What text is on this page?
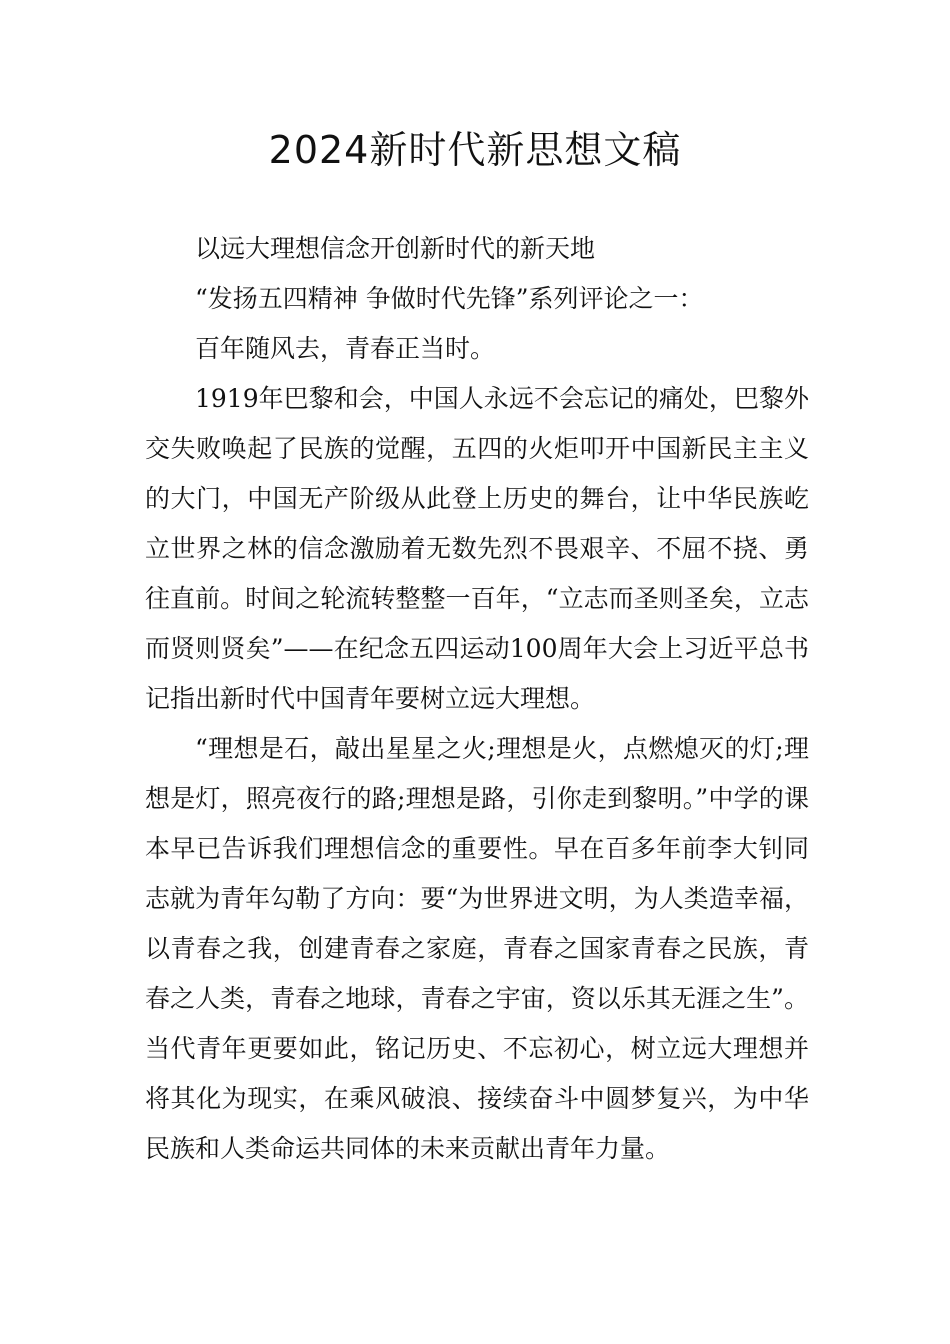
2024新时代新思想文稿

以远大理想信念开创新时代的新天地

“发扬五四精神 争做时代先锋”系列评论之一：

百年随风去，青春正当时。

1919年巴黎和会，中国人永远不会忘记的痛处，巴黎外交失败唤起了民族的觉醒，五四的火炬叩开中国新民主主义的大门，中国无产阶级从此登上历史的舞台，让中华民族屹立世界之林的信念激励着无数先烈不畏艰辛、不屈不挠、勇往直前。时间之轮流转整整一百年，“立志而圣则圣矣，立志而贤则贤矣”——在纪念五四运动100周年大会上习近平总书记指出新时代中国青年要树立远大理想。

“理想是石，敲出星星之火;理想是火，点燃熄灭的灯;理想是灯，照亮夜行的路;理想是路，引你走到黎明。”中学的课本早已告诉我们理想信念的重要性。早在百多年前李大钊同志就为青年勾勒了方向：要“为世界进文明，为人类造幸福，以青春之我，创建青春之家庭，青春之国家青春之民族，青春之人类，青春之地球，青春之宇宙，资以乐其无涯之生”。当代青年更要如此，铭记历史、不忘初心，树立远大理想并将其化为现实，在乘风破浪、接续奋斗中圆梦复兴，为中华民族和人类命运共同体的未来贡献出青年力量。
